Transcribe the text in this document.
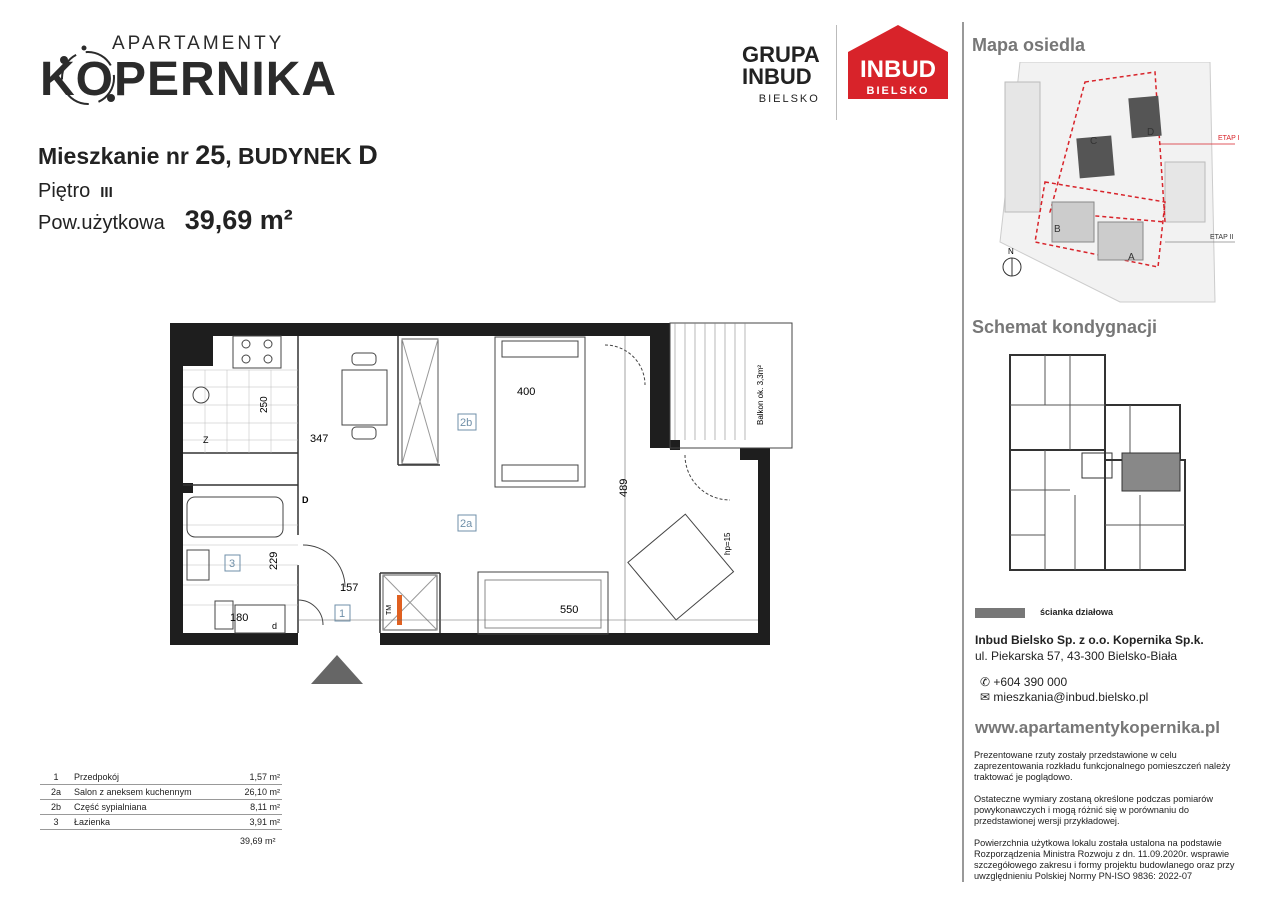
APARTAMENTY
KOPERNIKA	GRUPA
INBUD
BIELSKO
INBUD
BIELSKO
Mieszkanie nr 25, BUDYNEK D
Piętro III
Pow.użytkowa 39,69 m²
250
347
400
489
229
157
180
550
2b
2a
3
1
Balkon ok. 3,3m²
hp=15
D
Z
d
TM
1	Przedpokój	1,57 m²
2a	Salon z aneksem kuchennym	26,10 m²
2b	Część sypialniana	8,11 m²
3	Łazienka	3,91 m²
39,69 m²
Mapa osiedla
D
C
B
A
ETAP I
ETAP II
N
Schemat kondygnacji
ścianka działowa
Inbud Bielsko Sp. z o.o. Kopernika Sp.k.
ul. Piekarska 57, 43-300 Bielsko-Biała
✆ +604 390 000
✉ mieszkania@inbud.bielsko.pl
www.apartamentykopernika.pl

Prezentowane rzuty zostały przedstawione w celu zaprezentowania rozkładu funkcjonalnego pomieszczeń należy traktować je poglądowo.

Ostateczne wymiary zostaną określone podczas pomiarów powykonawczych i mogą różnić się w porównaniu do przedstawionej wersji przykładowej.

Powierzchnia użytkowa lokalu została ustalona na podstawie Rozporządzenia Ministra Rozwoju z dn. 11.09.2020r. wsprawie szczegółowego zakresu i formy projektu budowlanego oraz przy uwzględnieniu Polskiej Normy PN-ISO 9836: 2022-07
